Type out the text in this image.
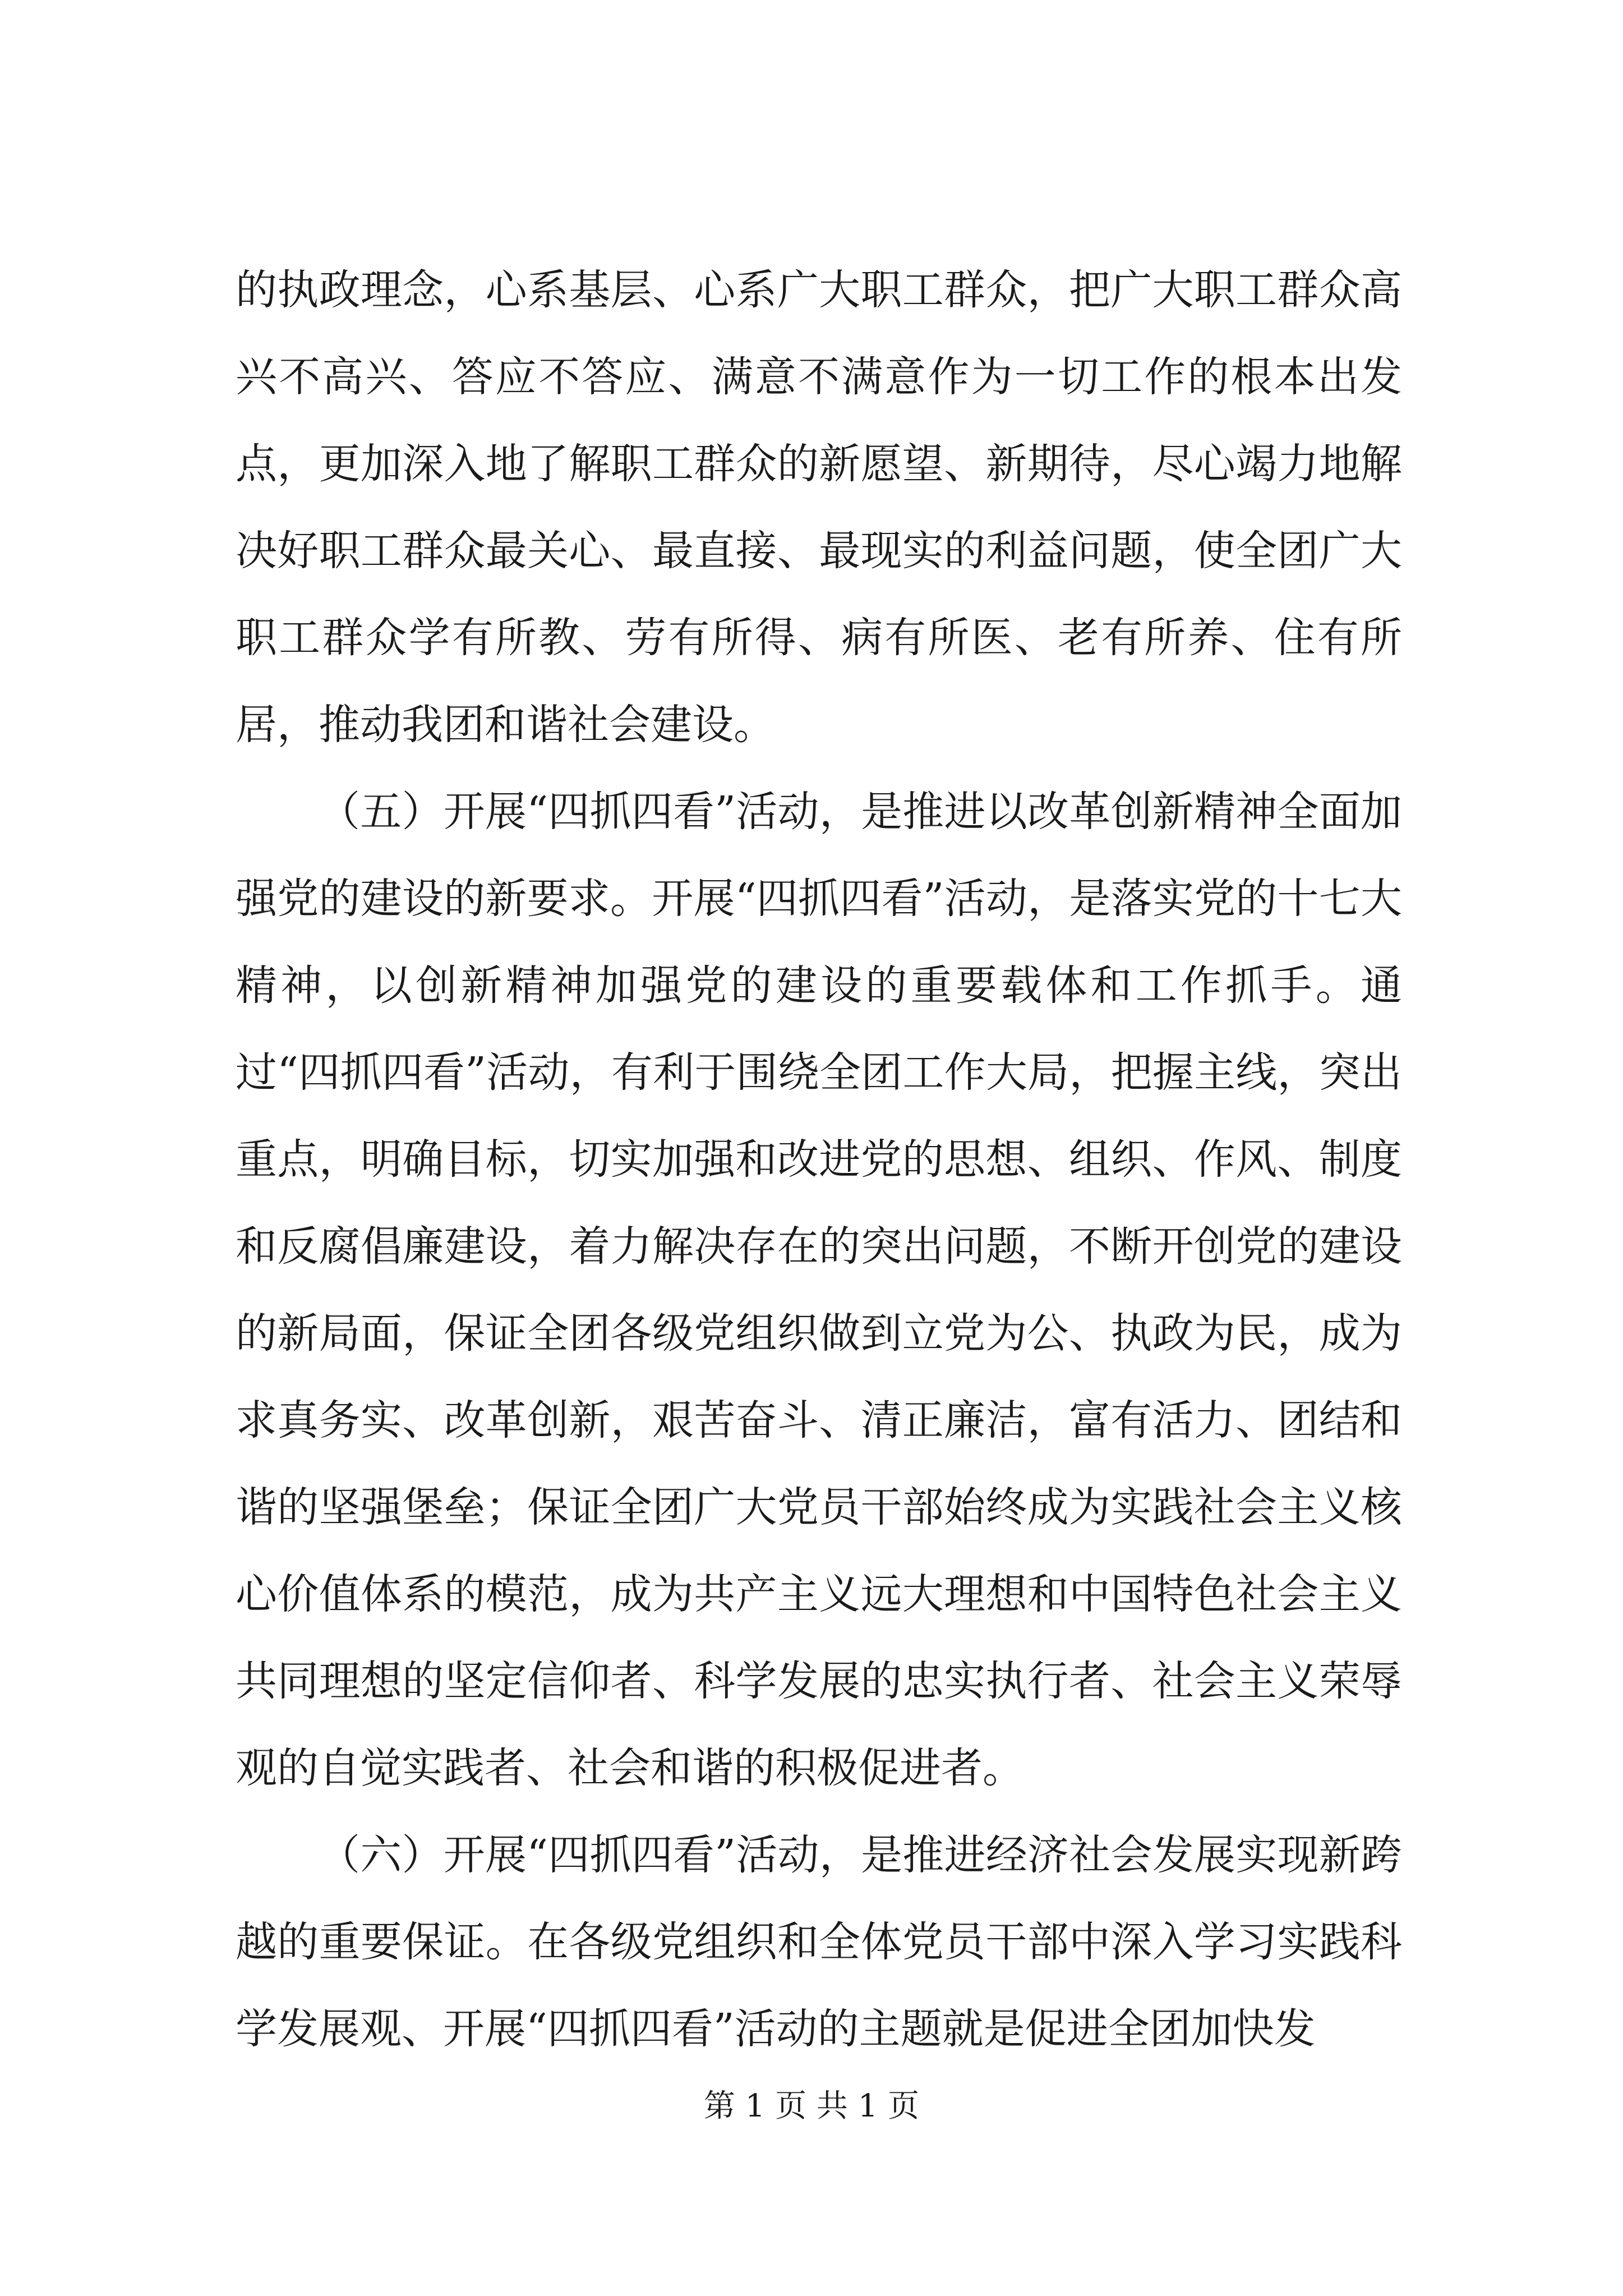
的执政理念，心系基层、心系广大职工群众，把广大职工群众高兴不高兴、答应不答应、满意不满意作为一切工作的根本出发点，更加深入地了解职工群众的新愿望、新期待，尽心竭力地解决好职工群众最关心、最直接、最现实的利益问题，使全团广大职工群众学有所教、劳有所得、病有所医、老有所养、住有所居，推动我团和谐社会建设。

（五）开展“四抓四看”活动，是推进以改革创新精神全面加强党的建设的新要求。开展“四抓四看”活动，是落实党的十七大精神，以创新精神加强党的建设的重要载体和工作抓手。通过“四抓四看”活动，有利于围绕全团工作大局，把握主线，突出重点，明确目标，切实加强和改进党的思想、组织、作风、制度和反腐倡廉建设，着力解决存在的突出问题，不断开创党的建设的新局面，保证全团各级党组织做到立党为公、执政为民，成为求真务实、改革创新，艰苦奋斗、清正廉洁，富有活力、团结和谐的坚强堡垒；保证全团广大党员干部始终成为实践社会主义核心价值体系的模范，成为共产主义远大理想和中国特色社会主义共同理想的坚定信仰者、科学发展的忠实执行者、社会主义荣辱观的自觉实践者、社会和谐的积极促进者。

（六）开展“四抓四看”活动，是推进经济社会发展实现新跨越的重要保证。在各级党组织和全体党员干部中深入学习实践科学发展观、开展“四抓四看”活动的主题就是促进全团加快发

第 1 页 共 1 页
